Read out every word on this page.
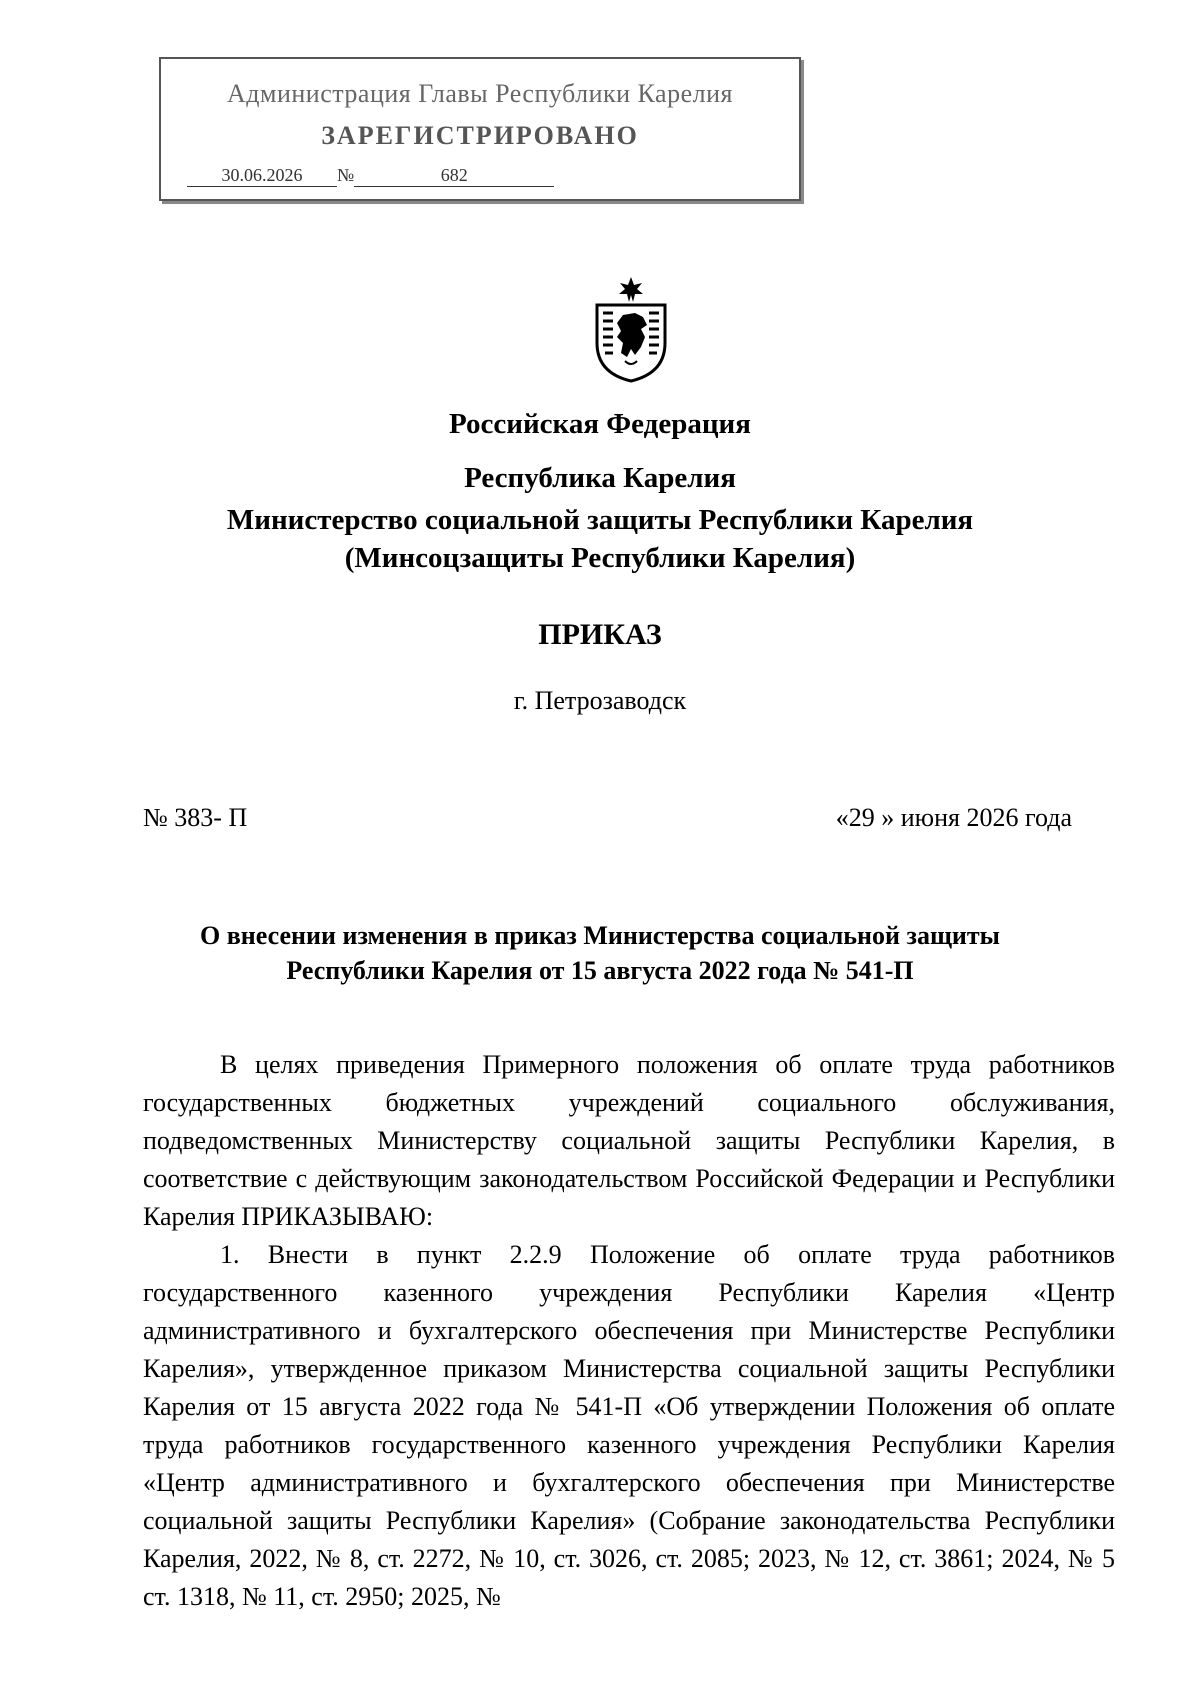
Администрация Главы Республики Карелия
ЗАРЕГИСТРИРОВАНО
30.06.2026 №	682
Российская Федерация
Республика Карелия
Министерство социальной защиты Республики Карелия
(Минсоцзащиты Республики Карелия)
ПРИКАЗ
г. Петрозаводск
№ 383- П	«29 » июня 2026 года
О внесении изменения в приказ Министерства социальной защиты
Республики Карелия от 15 августа 2022 года № 541-П

В целях приведения Примерного положения об оплате труда работников государственных бюджетных учреждений социального обслуживания, подведомственных Министерству социальной защиты Республики Карелия, в соответствие с действующим законодательством Российской Федерации и Республики Карелия ПРИКАЗЫВАЮ:

1. Внести в пункт 2.2.9 Положение об оплате труда работников государственного казенного учреждения Республики Карелия «Центр административного и бухгалтерского обеспечения при Министерстве Республики Карелия», утвержденное приказом Министерства социальной защиты Республики Карелия от 15 августа 2022 года № 541-П «Об утверждении Положения об оплате труда работников государственного казенного учреждения Республики Карелия «Центр административного и бухгалтерского обеспечения при Министерстве социальной защиты Республики Карелия» (Собрание законодательства Республики Карелия, 2022, № 8, ст. 2272, № 10, ст. 3026, ст. 2085; 2023, № 12, ст. 3861; 2024, № 5 ст. 1318, № 11, ст. 2950; 2025, №
